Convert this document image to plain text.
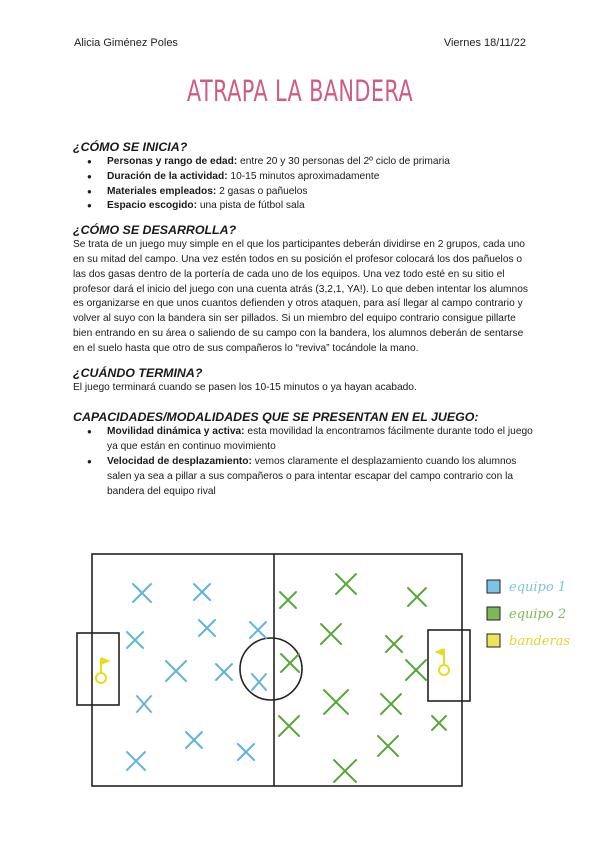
Alicia Giménez Poles	Viernes 18/11/22
ATRAPA LA BANDERA
¿CÓMO SE INICIA?
● Personas y rango de edad: entre 20 y 30 personas del 2º ciclo de primaria
● Duración de la actividad: 10-15 minutos aproximadamente
● Materiales empleados: 2 gasas o pañuelos
● Espacio escogido: una pista de fútbol sala
¿CÓMO SE DESARROLLA?

Se trata de un juego muy simple en el que los participantes deberán dividirse en 2 grupos, cada uno en su mitad del campo. Una vez estén todos en su posición el profesor colocará los dos pañuelos o las dos gasas dentro de la portería de cada uno de los equipos. Una vez todo esté en su sitio el profesor dará el inicio del juego con una cuenta atrás (3,2,1, YA!). Lo que deben intentar los alumnos es organizarse en que unos cuantos defienden y otros ataquen, para así llegar al campo contrario y volver al suyo con la bandera sin ser pillados. Si un miembro del equipo contrario consigue pillarte bien entrando en su área o saliendo de su campo con la bandera, los alumnos deberán de sentarse en el suelo hasta que otro de sus compañeros lo “reviva” tocándole la mano.

¿CUÁNDO TERMINA?

El juego terminará cuando se pasen los 10-15 minutos o ya hayan acabado.

CAPACIDADES/MODALIDADES QUE SE PRESENTAN EN EL JUEGO:
● Movilidad dinámica y activa: esta movilidad la encontramos fácilmente durante todo el juego ya que están en continuo movimiento
● Velocidad de desplazamiento: vemos claramente el desplazamiento cuando los alumnos salen ya sea a pillar a sus compañeros o para intentar escapar del campo contrario con la bandera del equipo rival
equipo 1
equipo 2
banderas
